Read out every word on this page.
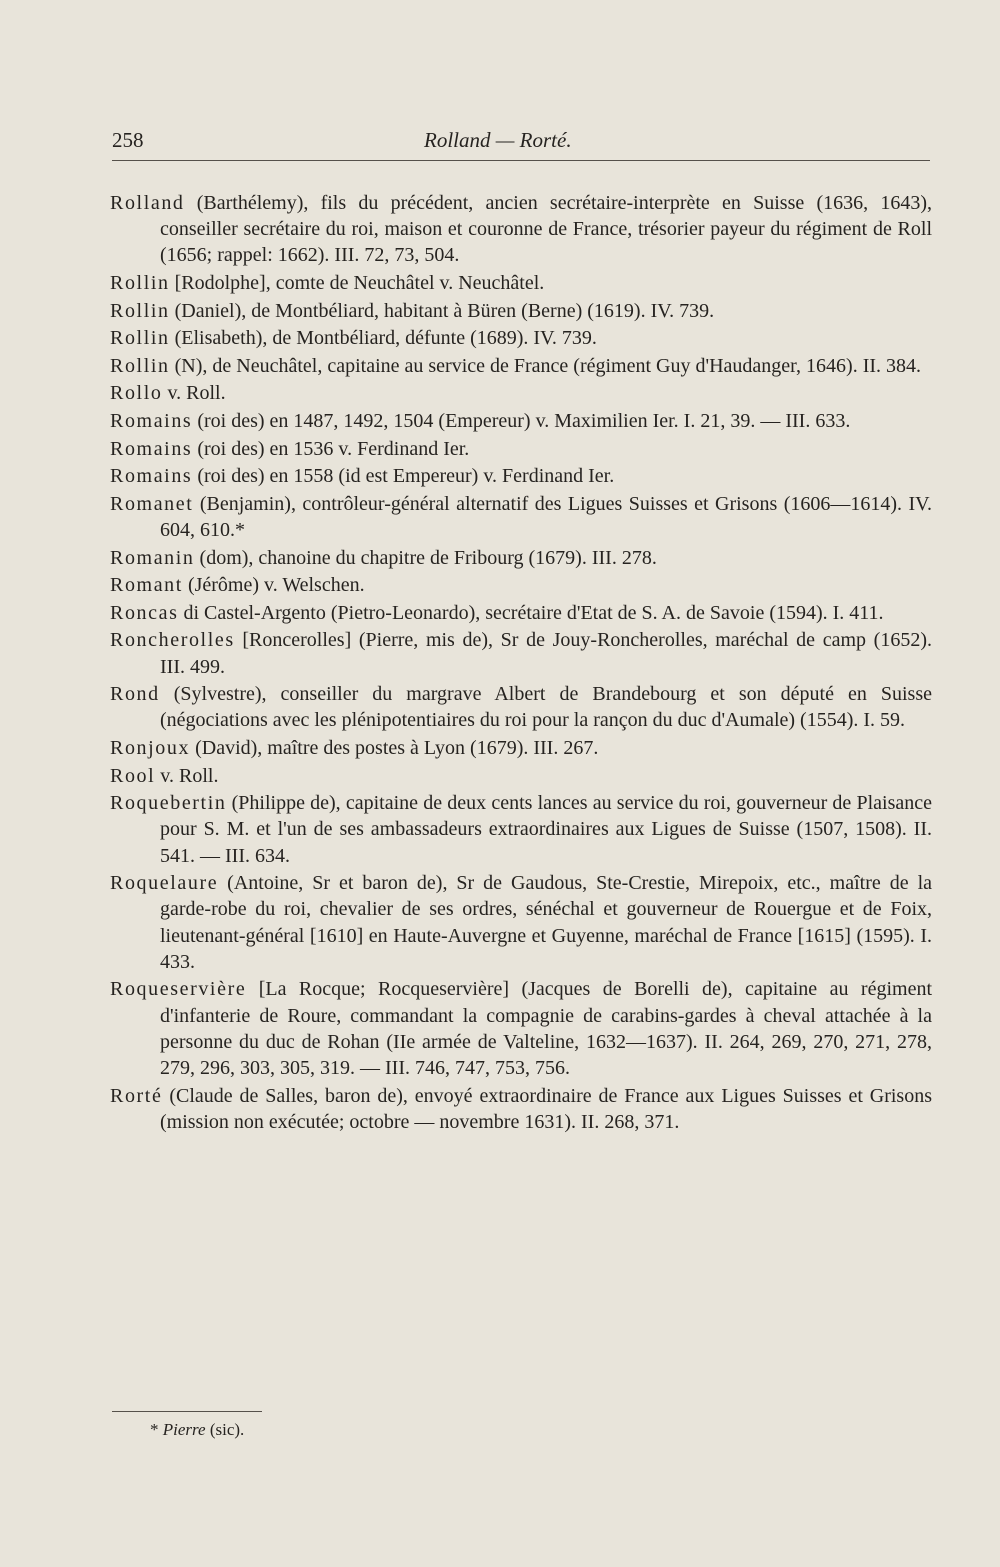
258	Rolland — Rorté.

Rolland (Barthélemy), fils du précédent, ancien secrétaire-interprète en Suisse (1636, 1643), conseiller secrétaire du roi, maison et couronne de France, trésorier payeur du régiment de Roll (1656; rappel: 1662). III. 72, 73, 504.

Rollin [Rodolphe], comte de Neuchâtel v. Neuchâtel.

Rollin (Daniel), de Montbéliard, habitant à Büren (Berne) (1619). IV. 739.

Rollin (Elisabeth), de Montbéliard, défunte (1689). IV. 739.

Rollin (N), de Neuchâtel, capitaine au service de France (régiment Guy d'Haudanger, 1646). II. 384.

Rollo v. Roll.

Romains (roi des) en 1487, 1492, 1504 (Empereur) v. Maximilien Ier. I. 21, 39. — III. 633.

Romains (roi des) en 1536 v. Ferdinand Ier.

Romains (roi des) en 1558 (id est Empereur) v. Ferdinand Ier.

Romanet (Benjamin), contrôleur-général alternatif des Ligues Suisses et Grisons (1606—1614). IV. 604, 610.*

Romanin (dom), chanoine du chapitre de Fribourg (1679). III. 278.

Romant (Jérôme) v. Welschen.

Roncas di Castel-Argento (Pietro-Leonardo), secrétaire d'Etat de S. A. de Savoie (1594). I. 411.

Roncherolles [Roncerolles] (Pierre, mis de), Sr de Jouy-Roncherolles, maréchal de camp (1652). III. 499.

Rond (Sylvestre), conseiller du margrave Albert de Brandebourg et son député en Suisse (négociations avec les plénipotentiaires du roi pour la rançon du duc d'Aumale) (1554). I. 59.

Ronjoux (David), maître des postes à Lyon (1679). III. 267.

Rool v. Roll.

Roquebertin (Philippe de), capitaine de deux cents lances au service du roi, gouverneur de Plaisance pour S. M. et l'un de ses ambassadeurs extraordinaires aux Ligues de Suisse (1507, 1508). II. 541. — III. 634.

Roquelaure (Antoine, Sr et baron de), Sr de Gaudous, Ste-Crestie, Mirepoix, etc., maître de la garde-robe du roi, chevalier de ses ordres, sénéchal et gouverneur de Rouergue et de Foix, lieutenant-général [1610] en Haute-Auvergne et Guyenne, maréchal de France [1615] (1595). I. 433.

Roqueservière [La Rocque; Rocqueservière] (Jacques de Borelli de), capitaine au régiment d'infanterie de Roure, commandant la compagnie de carabins-gardes à cheval attachée à la personne du duc de Rohan (IIe armée de Valteline, 1632—1637). II. 264, 269, 270, 271, 278, 279, 296, 303, 305, 319. — III. 746, 747, 753, 756.

Rorté (Claude de Salles, baron de), envoyé extraordinaire de France aux Ligues Suisses et Grisons (mission non exécutée; octobre — novembre 1631). II. 268, 371.

* Pierre (sic).
